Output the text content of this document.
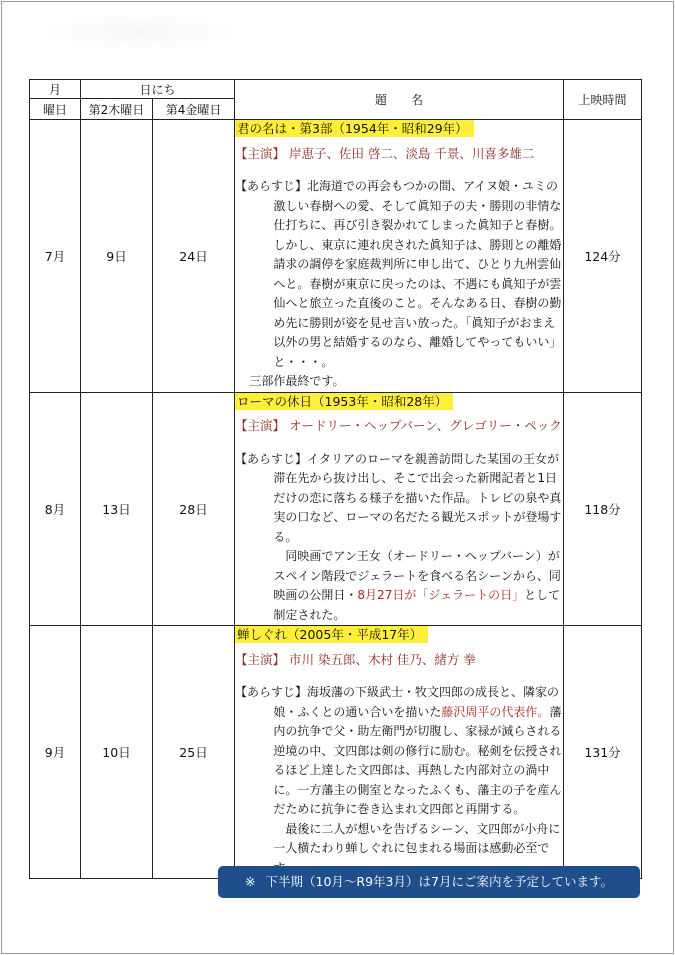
月	日にち		題　　名	上映時間
曜日	第2木曜日	第4金曜日		
7月	9日	24日	君の名は・第3部（1954年・昭和29年）
【主演】 岸恵子、佐田 啓二、淡島 千景、川喜多雄二
【あらすじ】北海道での再会もつかの間、アイヌ娘・ユミの激しい春樹への愛、そして眞知子の夫・勝則の非情な仕打ちに、再び引き裂かれてしまった眞知子と春樹。しかし、東京に連れ戻された眞知子は、勝則との離婚請求の調停を家庭裁判所に申し出て、ひとり九州雲仙へと。春樹が東京に戻ったのは、不遇にも眞知子が雲仙へと旅立った直後のこと。そんなある日、春樹の勤め先に勝則が姿を見せ言い放った。「眞知子がおまえ以外の男と結婚するのなら、離婚してやってもいい」と・・・。
三部作最終です。	124分
8月	13日	28日	ローマの休日（1953年・昭和28年）
【主演】 オードリー・ヘップバーン、グレゴリー・ペック
【あらすじ】イタリアのローマを親善訪問した某国の王女が滞在先から抜け出し、そこで出会った新聞記者と1日だけの恋に落ちる様子を描いた作品。トレビの泉や真実の口など、ローマの名だたる観光スポットが登場する。
同映画でアン王女（オードリー・ヘップバーン）がスペイン階段でジェラートを食べる名シーンから、同映画の公開日・8月27日が「ジェラートの日」として制定された。	118分
9月	10日	25日	蝉しぐれ（2005年・平成17年）
【主演】 市川 染五郎、木村 佳乃、緒方 拳
【あらすじ】海坂藩の下級武士・牧文四郎の成長と、隣家の娘・ふくとの通い合いを描いた藤沢周平の代表作。藩内の抗争で父・助左衛門が切腹し、家禄が減らされる逆境の中、文四郎は剣の修行に励む。秘剣を伝授されるほど上達した文四郎は、再熱した内部対立の渦中に。一方藩主の側室となったふくも、藩主の子を産んだために抗争に巻き込まれ文四郎と再開する。
最後に二人が想いを告げるシーン、文四郎が小舟に一人横たわり蝉しぐれに包まれる場面は感動必至で	131分
※ 下半期（10月～R9年3月）は7月にご案内を予定しています。
